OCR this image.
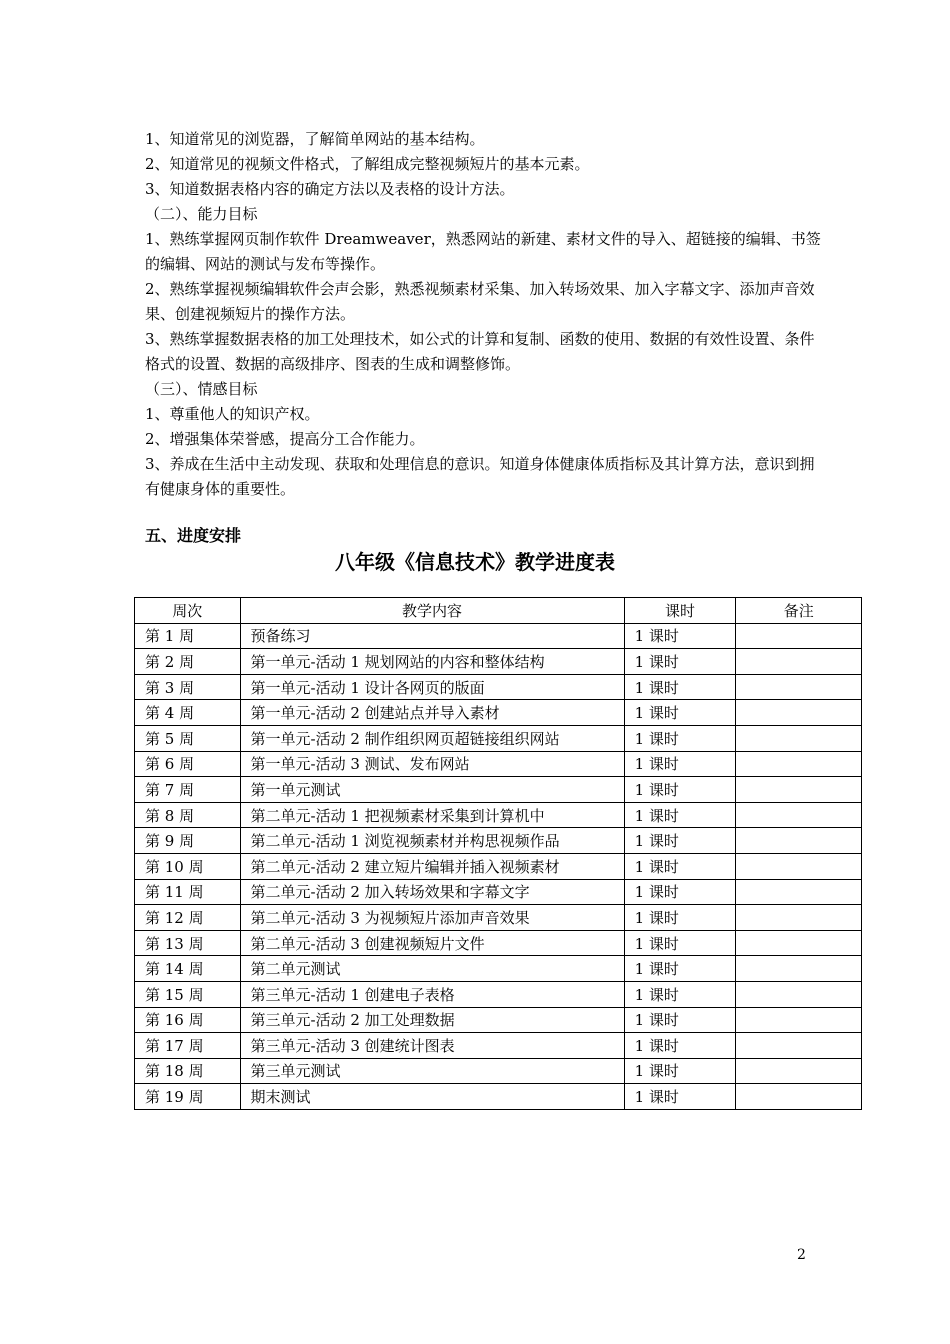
1、知道常见的浏览器，了解简单网站的基本结构。
2、知道常见的视频文件格式，了解组成完整视频短片的基本元素。
3、知道数据表格内容的确定方法以及表格的设计方法。
（二）、能力目标
1、熟练掌握网页制作软件 Dreamweaver，熟悉网站的新建、素材文件的导入、超链接的编辑、书签的编辑、网站的测试与发布等操作。
2、熟练掌握视频编辑软件会声会影，熟悉视频素材采集、加入转场效果、加入字幕文字、添加声音效果、创建视频短片的操作方法。
3、熟练掌握数据表格的加工处理技术，如公式的计算和复制、函数的使用、数据的有效性设置、条件格式的设置、数据的高级排序、图表的生成和调整修饰。
（三）、情感目标
1、尊重他人的知识产权。
2、增强集体荣誉感，提高分工合作能力。
3、养成在生活中主动发现、获取和处理信息的意识。知道身体健康体质指标及其计算方法，意识到拥有健康身体的重要性。
五、进度安排
八年级《信息技术》教学进度表
周次	教学内容	课时	备注
第 1 周	预备练习	1 课时	
第 2 周	第一单元-活动 1 规划网站的内容和整体结构	1 课时	
第 3 周	第一单元-活动 1 设计各网页的版面	1 课时	
第 4 周	第一单元-活动 2 创建站点并导入素材	1 课时	
第 5 周	第一单元-活动 2 制作组织网页超链接组织网站	1 课时	
第 6 周	第一单元-活动 3 测试、发布网站	1 课时	
第 7 周	第一单元测试	1 课时	
第 8 周	第二单元-活动 1 把视频素材采集到计算机中	1 课时	
第 9 周	第二单元-活动 1 浏览视频素材并构思视频作品	1 课时	
第 10 周	第二单元-活动 2 建立短片编辑并插入视频素材	1 课时	
第 11 周	第二单元-活动 2 加入转场效果和字幕文字	1 课时	
第 12 周	第二单元-活动 3 为视频短片添加声音效果	1 课时	
第 13 周	第二单元-活动 3 创建视频短片文件	1 课时	
第 14 周	第二单元测试	1 课时	
第 15 周	第三单元-活动 1 创建电子表格	1 课时	
第 16 周	第三单元-活动 2 加工处理数据	1 课时	
第 17 周	第三单元-活动 3 创建统计图表	1 课时	
第 18 周	第三单元测试	1 课时	
第 19 周	期末测试	1 课时	
2
